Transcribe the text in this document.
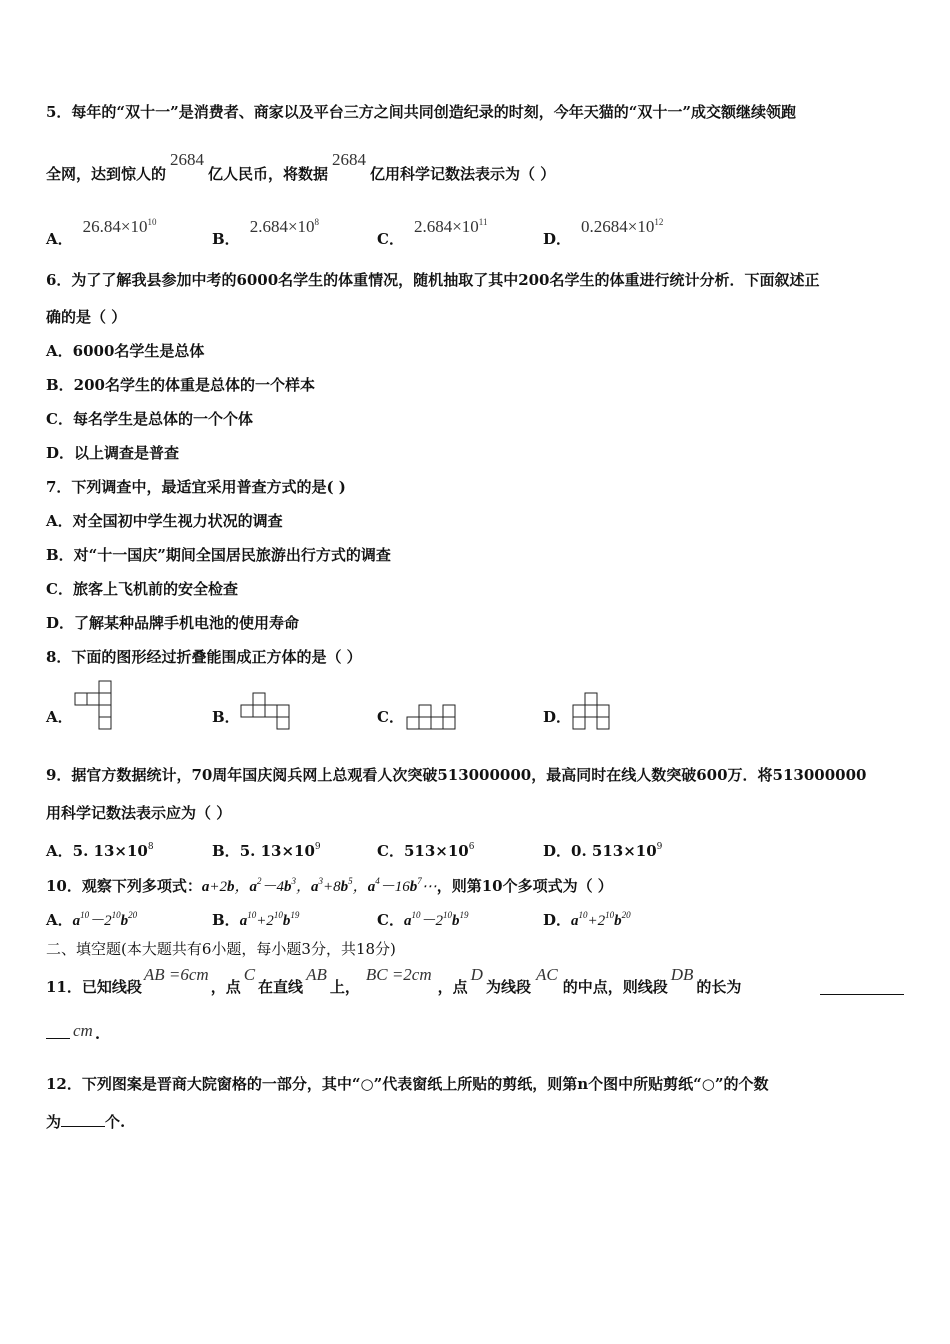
5．每年的“双十一”是消费者、商家以及平台三方之间共同创造纪录的时刻，今年天猫的“双十一”成交额继续领跑
全网，达到惊人的2684亿人民币，将数据2684亿用科学记数法表示为（ ）
A．$26.84\times 10^{10}$
B．$2.684\times 10^8$
C．$2.684\times 10^{11}$
D．$0.2684\times 10^{12}$
6．为了了解我县参加中考的6000名学生的体重情况，随机抽取了其中200名学生的体重进行统计分析．下面叙述正
确的是（ ）
A．6000名学生是总体
B．200名学生的体重是总体的一个样本
C．每名学生是总体的一个个体
D．以上调查是普查
7．下列调查中，最适宜采用普查方式的是( )
A．对全国初中学生视力状况的调查
B．对“十一国庆”期间全国居民旅游出行方式的调查
C．旅客上飞机前的安全检查
D．了解某种品牌手机电池的使用寿命
8．下面的图形经过折叠能围成正方体的是（ ）
A．	B．	C．	D．
9．据官方数据统计，70周年国庆阅兵网上总观看人次突破513000000，最高同时在线人数突破600万．将513000000
用科学记数法表示应为（ ）
A．5. $13\times 10^8$	B．5. $13\times 10^9$	C．$513\times 10^6$	D．0. $513\times 10^9$
10．观察下列多项式：a+2b，$a^2-4b^3$，$a^3+8b^5$，$a^4-16b^7\cdots$，则第10个多项式为（ ）
A．$a^{10}-2^{10}b^{20}$	B．$a^{10}+2^{10}b^{19}$	C．$a^{10}-2^{10}b^{19}$	D．$a^{10}+2^{10}b^{20}$
二、填空题(本大题共有6小题，每小题3分，共18分)
11．已知线段AB =6cm，点C在直线AB上，BC =2cm，点D为线段AC的中点，则线段DB的长为
cm .
12．下列图案是晋商大院窗格的一部分，其中“○”代表窗纸上所贴的剪纸，则第n个图中所贴剪纸“○”的个数
为	个.
